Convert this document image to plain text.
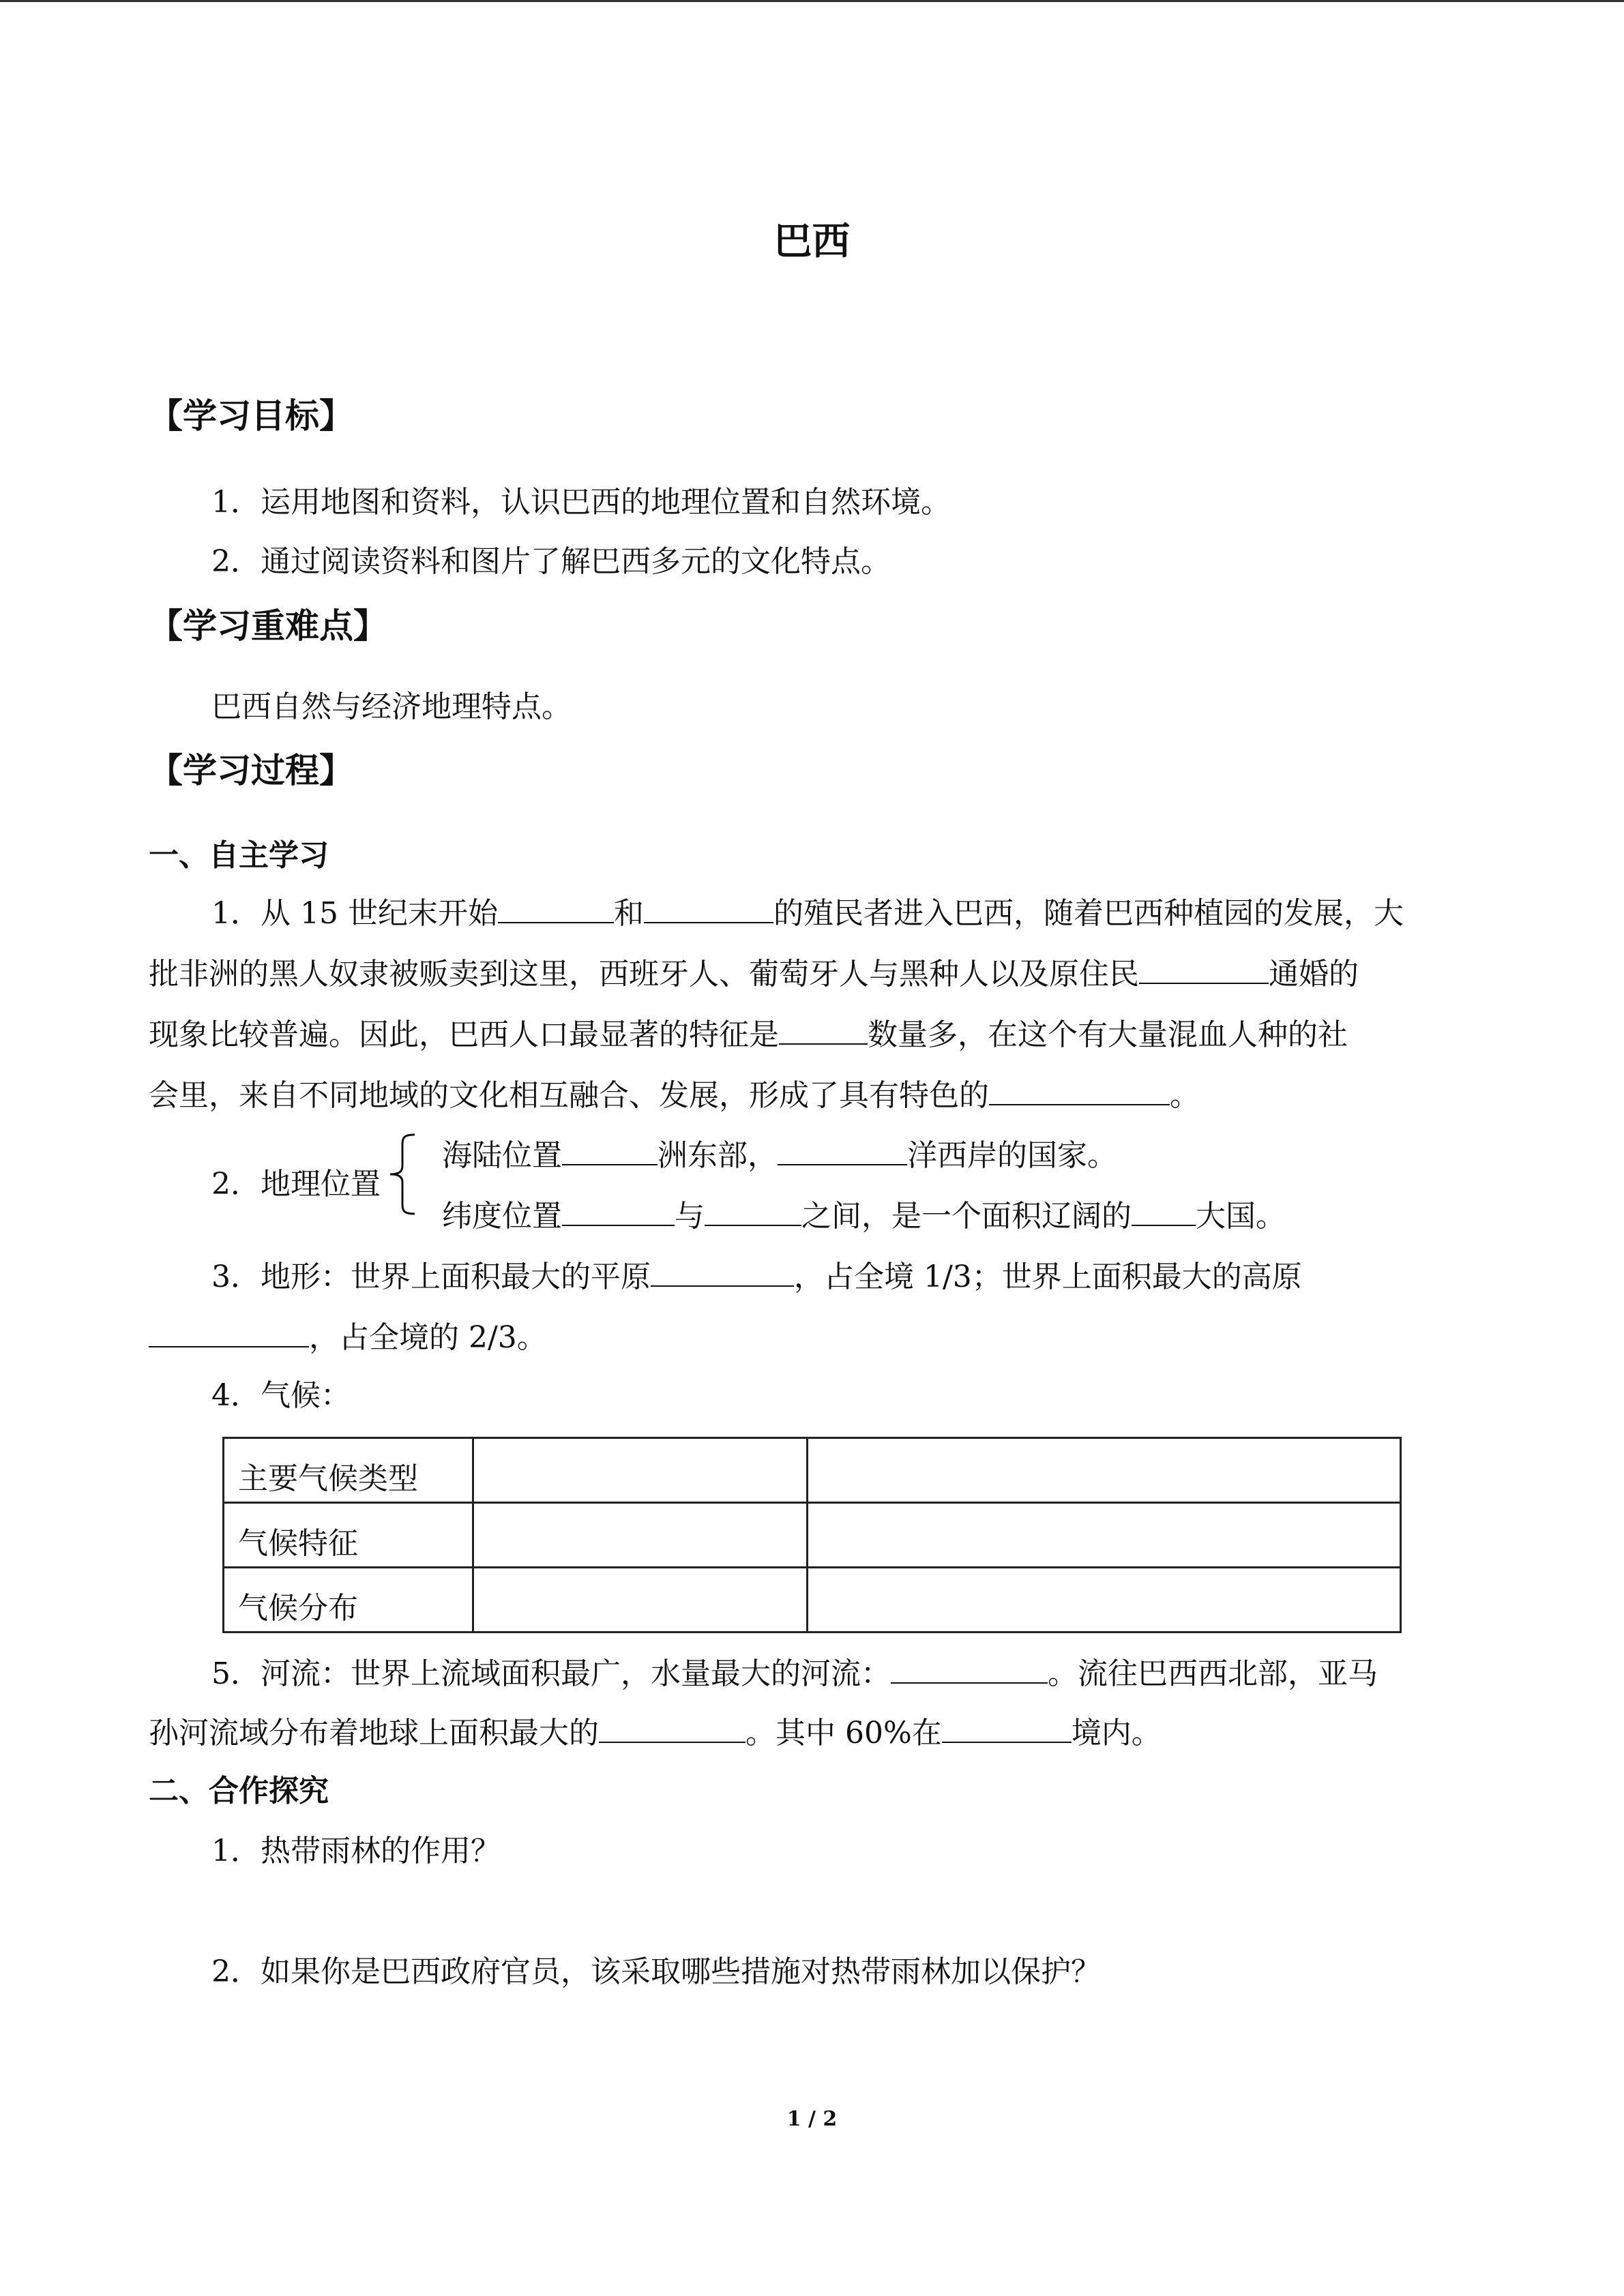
巴西
【学习目标】
1．运用地图和资料，认识巴西的地理位置和自然环境。
2．通过阅读资料和图片了解巴西多元的文化特点。
【学习重难点】
巴西自然与经济地理特点。
【学习过程】
一、自主学习
1．从 15 世纪末开始	和	的殖民者进入巴西，随着巴西种植园的发展，大
批非洲的黑人奴隶被贩卖到这里，西班牙人、葡萄牙人与黑种人以及原住民	通婚的
现象比较普遍。因此，巴西人口最显著的特征是	数量多，在这个有大量混血人种的社
会里，来自不同地域的文化相互融合、发展，形成了具有特色的	。
2．地理位置
海陆位置	洲东部，	洋西岸的国家。
纬度位置	与	之间，是一个面积辽阔的 大国。
3．地形：世界上面积最大的平原	，占全境 1/3；世界上面积最大的高原
，占全境的 2/3。
4．气候：
主要气候类型		
气候特征		
气候分布		
5．河流：世界上流域面积最广，水量最大的河流：	。流往巴西西北部，亚马
孙河流域分布着地球上面积最大的	。其中 60%在	境内。
二、合作探究
1．热带雨林的作用？
2．如果你是巴西政府官员，该采取哪些措施对热带雨林加以保护？
1 / 2
